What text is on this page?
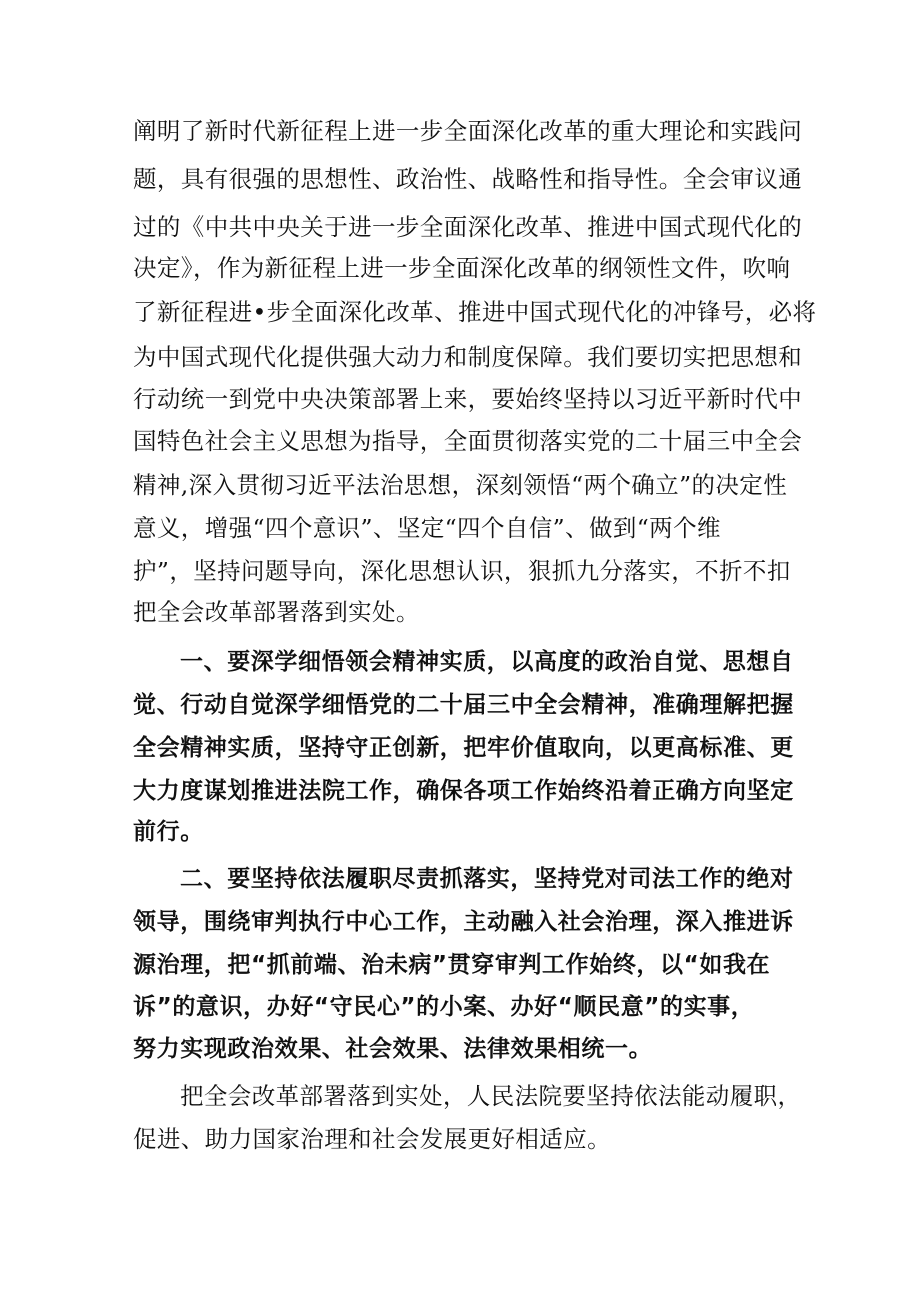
阐明了新时代新征程上进一步全面深化改革的重大理论和实践问
题，具有很强的思想性、政治性、战略性和指导性。全会审议通
过的《中共中央关于进一步全面深化改革、推进中国式现代化的
决定》，作为新征程上进一步全面深化改革的纲领性文件，吹响
了新征程进•步全面深化改革、推进中国式现代化的冲锋号，必将
为中国式现代化提供强大动力和制度保障。我们要切实把思想和
行动统一到党中央决策部署上来，要始终坚持以习近平新时代中
国特色社会主义思想为指导，全面贯彻落实党的二十届三中全会
精神,深入贯彻习近平法治思想，深刻领悟“两个确立”的决定性
意义，增强“四个意识”、坚定“四个自信”、做到“两个维
护”，坚持问题导向，深化思想认识，狠抓九分落实，不折不扣
把全会改革部署落到实处。
一、要深学细悟领会精神实质，以高度的政治自觉、思想自
觉、行动自觉深学细悟党的二十届三中全会精神，准确理解把握
全会精神实质，坚持守正创新，把牢价值取向，以更高标准、更
大力度谋划推进法院工作，确保各项工作始终沿着正确方向坚定
前行。
二、要坚持依法履职尽责抓落实，坚持党对司法工作的绝对
领导，围绕审判执行中心工作，主动融入社会治理，深入推进诉
源治理，把“抓前端、治未病”贯穿审判工作始终，以“如我在
诉”的意识，办好“守民心”的小案、办好“顺民意”的实事，
努力实现政治效果、社会效果、法律效果相统一。
把全会改革部署落到实处，人民法院要坚持依法能动履职，
促进、助力国家治理和社会发展更好相适应。
